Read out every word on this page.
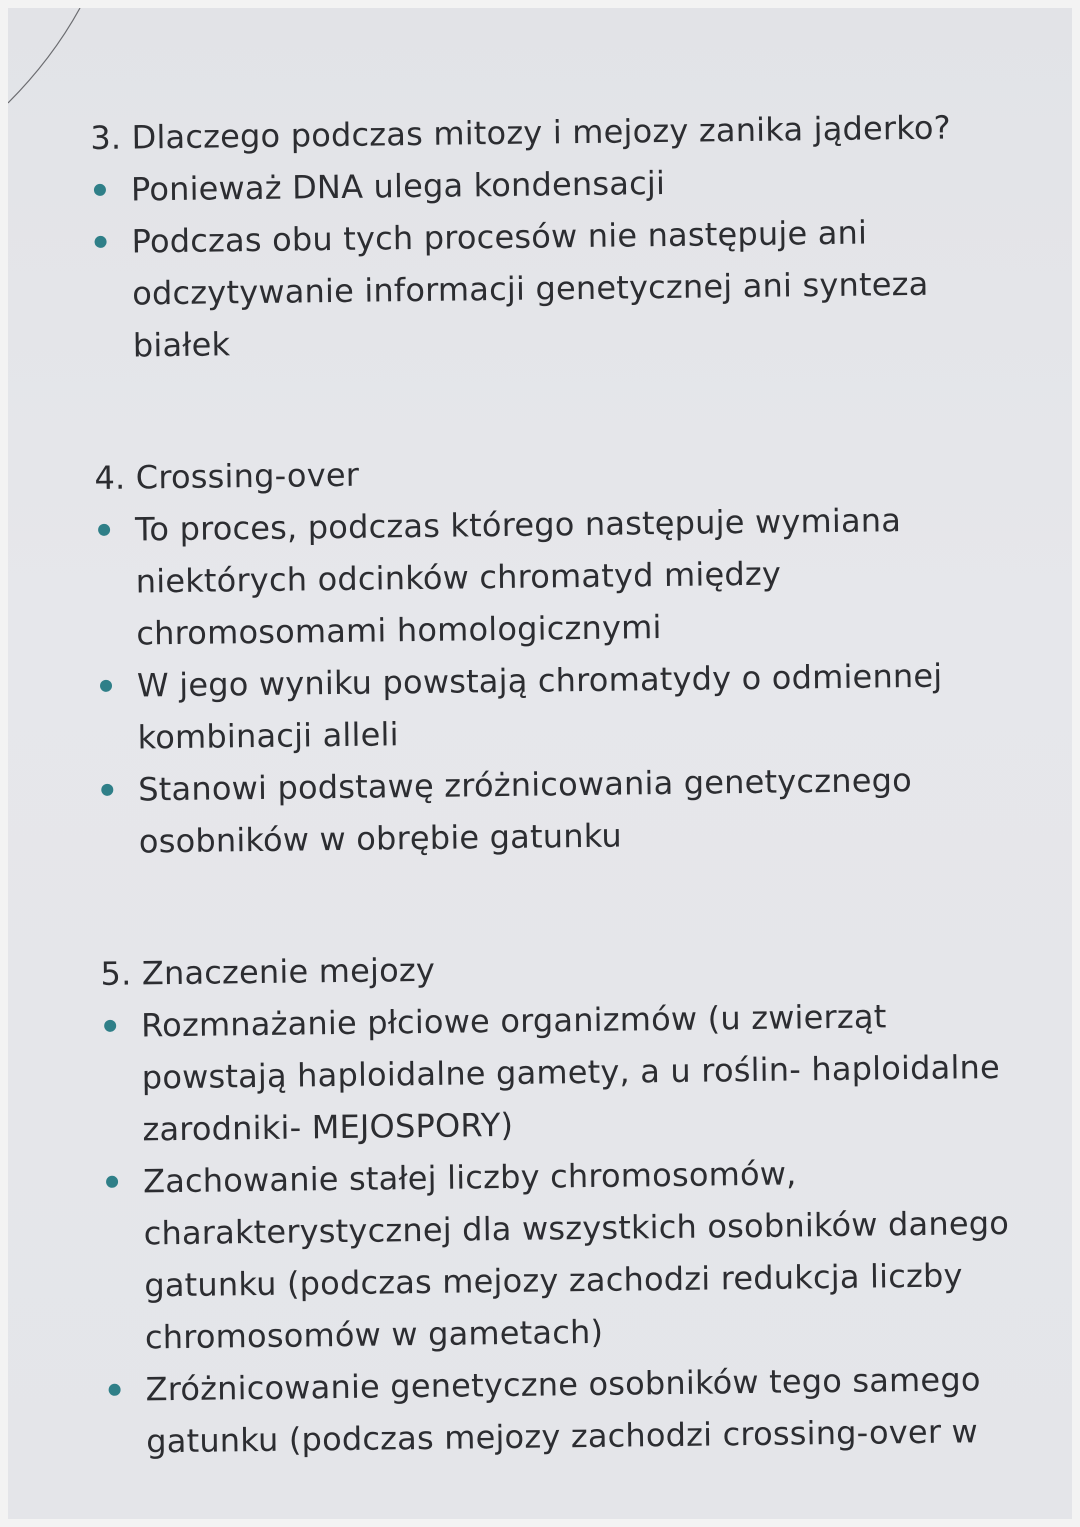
3. Dlaczego podczas mitozy i mejozy zanika jąderko?

Ponieważ DNA ulega kondensacji
Podczas obu tych procesów nie następuje ani odczytywanie informacji genetycznej ani synteza białek

4. Crossing-over

To proces, podczas którego następuje wymiana niektórych odcinków chromatyd między chromosomami homologicznymi
W jego wyniku powstają chromatydy o odmiennej kombinacji alleli
Stanowi podstawę zróżnicowania genetycznego osobników w obrębie gatunku

5. Znaczenie mejozy

Rozmnażanie płciowe organizmów (u zwierząt powstają haploidalne gamety, a u roślin- haploidalne zarodniki- MEJOSPORY)
Zachowanie stałej liczby chromosomów, charakterystycznej dla wszystkich osobników danego gatunku (podczas mejozy zachodzi redukcja liczby chromosomów w gametach)
Zróżnicowanie genetyczne osobników tego samego gatunku (podczas mejozy zachodzi crossing-over w
